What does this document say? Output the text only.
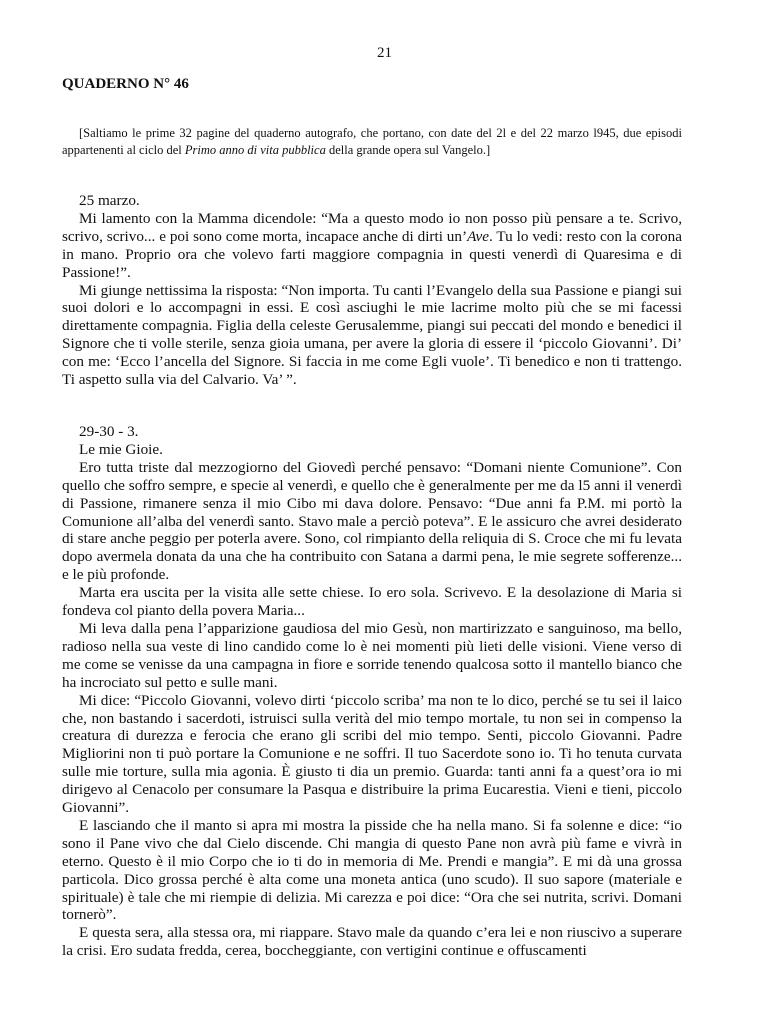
21
QUADERNO N° 46
[Saltiamo le prime 32 pagine del quaderno autografo, che portano, con date del 2l e del 22 marzo l945, due episodi appartenenti al ciclo del Primo anno di vita pubblica della grande opera sul Vangelo.]

25 marzo.

Mi lamento con la Mamma dicendole: “Ma a questo modo io non posso più pensare a te. Scrivo, scrivo, scrivo... e poi sono come morta, incapace anche di dirti un’Ave. Tu lo vedi: resto con la corona in mano. Proprio ora che volevo farti maggiore compagnia in questi venerdì di Quaresima e di Passione!”.

Mi giunge nettissima la risposta: “Non importa. Tu canti l’Evangelo della sua Passione e piangi sui suoi dolori e lo accompagni in essi. E così asciughi le mie lacrime molto più che se mi facessi direttamente compagnia. Figlia della celeste Gerusalemme, piangi sui peccati del mondo e benedici il Signore che ti volle sterile, senza gioia umana, per avere la gloria di essere il ‘piccolo Giovanni’. Di’ con me: ‘Ecco l’ancella del Signore. Si faccia in me come Egli vuole’. Ti benedico e non ti trattengo. Ti aspetto sulla via del Calvario. Va’ ”.

29-30 - 3.

Le mie Gioie.

Ero tutta triste dal mezzogiorno del Giovedì perché pensavo: “Domani niente Comunione”. Con quello che soffro sempre, e specie al venerdì, e quello che è generalmente per me da l5 anni il venerdì di Passione, rimanere senza il mio Cibo mi dava dolore. Pensavo: “Due anni fa P.M. mi portò la Comunione all’alba del venerdì santo. Stavo male a perciò poteva”. E le assicuro che avrei desiderato di stare anche peggio per poterla avere. Sono, col rimpianto della reliquia di S. Croce che mi fu levata dopo avermela donata da una che ha contribuito con Satana a darmi pena, le mie segrete sofferenze... e le più profonde.

Marta era uscita per la visita alle sette chiese. Io ero sola. Scrivevo. E la desolazione di Maria si fondeva col pianto della povera Maria...

Mi leva dalla pena l’apparizione gaudiosa del mio Gesù, non martirizzato e sanguinoso, ma bello, radioso nella sua veste di lino candido come lo è nei momenti più lieti delle visioni. Viene verso di me come se venisse da una campagna in fiore e sorride tenendo qualcosa sotto il mantello bianco che ha incrociato sul petto e sulle mani.

Mi dice: “Piccolo Giovanni, volevo dirti ‘piccolo scriba’ ma non te lo dico, perché se tu sei il laico che, non bastando i sacerdoti, istruisci sulla verità del mio tempo mortale, tu non sei in compenso la creatura di durezza e ferocia che erano gli scribi del mio tempo. Senti, piccolo Giovanni. Padre Migliorini non ti può portare la Comunione e ne soffri. Il tuo Sacerdote sono io. Ti ho tenuta curvata sulle mie torture, sulla mia agonia. È giusto ti dia un premio. Guarda: tanti anni fa a quest’ora io mi dirigevo al Cenacolo per consumare la Pasqua e distribuire la prima Eucarestia. Vieni e tieni, piccolo Giovanni”.

E lasciando che il manto si apra mi mostra la pisside che ha nella mano. Si fa solenne e dice: “io sono il Pane vivo che dal Cielo discende. Chi mangia di questo Pane non avrà più fame e vivrà in eterno. Questo è il mio Corpo che io ti do in memoria di Me. Prendi e mangia”. E mi dà una grossa particola. Dico grossa perché è alta come una moneta antica (uno scudo). Il suo sapore (materiale e spirituale) è tale che mi riempie di delizia. Mi carezza e poi dice: “Ora che sei nutrita, scrivi. Domani tornerò”.

E questa sera, alla stessa ora, mi riappare. Stavo male da quando c’era lei e non riuscivo a superare la crisi. Ero sudata fredda, cerea, boccheggiante, con vertigini continue e offuscamenti
